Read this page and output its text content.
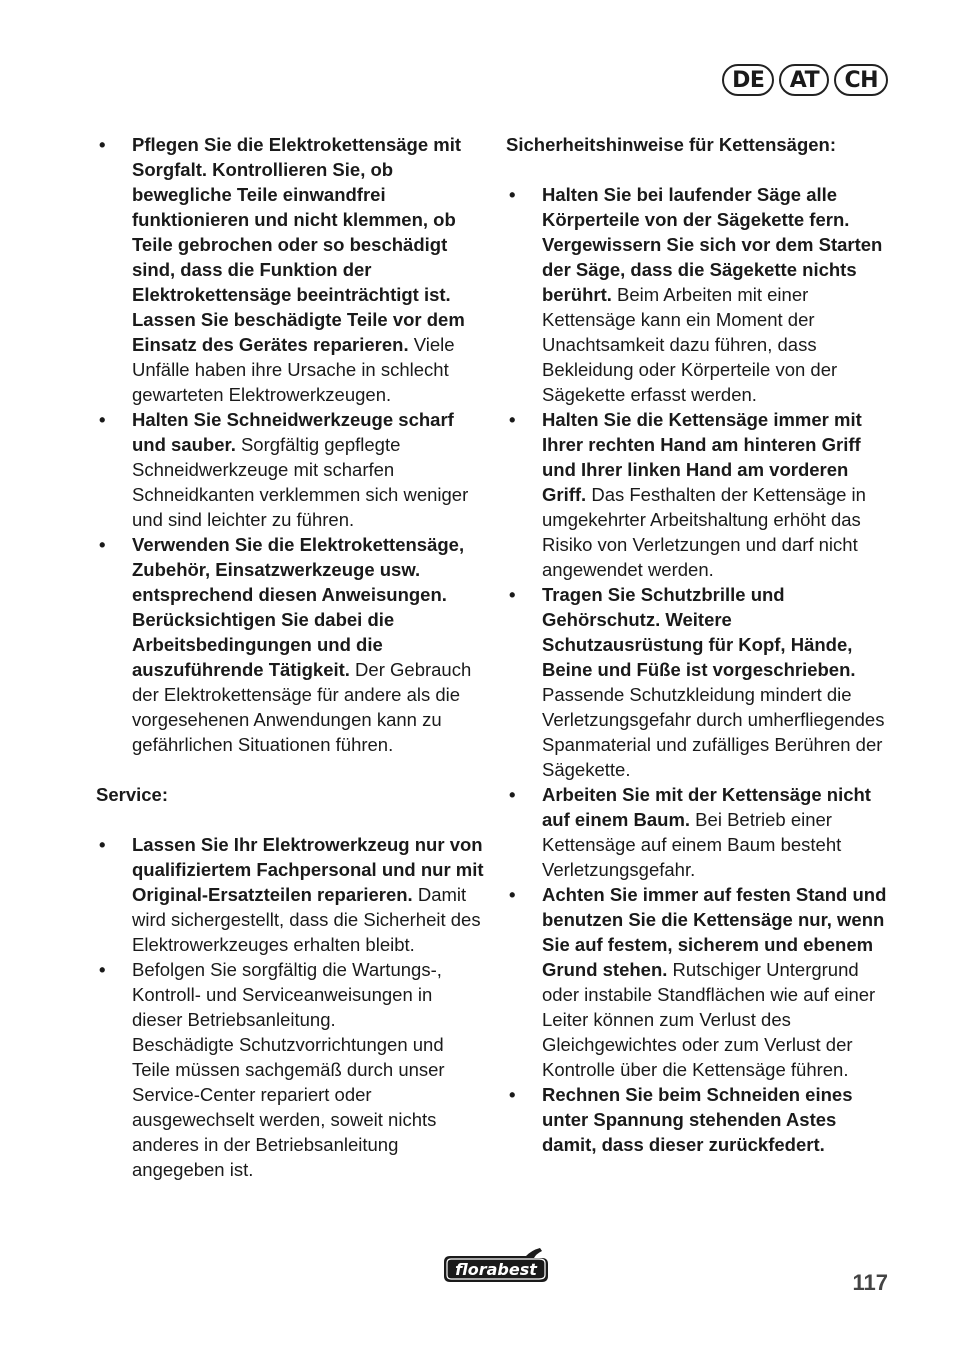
DE	AT	CH
• Pflegen Sie die Elektrokettensäge mit Sorgfalt. Kontrollieren Sie, ob bewegliche Teile einwandfrei funktionieren und nicht klemmen, ob Teile gebrochen oder so beschädigt sind, dass die Funktion der Elektrokettensäge beeinträchtigt ist. Lassen Sie beschädigte Teile vor dem Einsatz des Gerätes reparieren. Viele Unfälle haben ihre Ursache in schlecht gewarteten Elektrowerkzeugen.
• Halten Sie Schneidwerkzeuge scharf und sauber. Sorgfältig gepflegte Schneidwerkzeuge mit scharfen Schneidkanten verklemmen sich weniger und sind leichter zu führen.
• Verwenden Sie die Elektrokettensäge, Zubehör, Einsatzwerkzeuge usw. entsprechend diesen Anweisungen. Berücksichtigen Sie dabei die Arbeitsbedingungen und die auszuführende Tätigkeit. Der Gebrauch der Elektrokettensäge für andere als die vorgesehenen Anwendungen kann zu gefährlichen Situationen führen.
Service:
• Lassen Sie Ihr Elektrowerkzeug nur von qualifiziertem Fachpersonal und nur mit Original-Ersatzteilen reparieren. Damit wird sichergestellt, dass die Sicherheit des Elektrowerkzeuges erhalten bleibt.
• Befolgen Sie sorgfältig die Wartungs-, Kontroll- und Serviceanweisungen in dieser Betriebsanleitung.
Beschädigte Schutzvorrichtungen und Teile müssen sachgemäß durch unser Service-Center repariert oder ausgewechselt werden, soweit nichts anderes in der Betriebsanleitung angegeben ist.
Sicherheitshinweise für Kettensägen:
• Halten Sie bei laufender Säge alle Körperteile von der Sägekette fern. Vergewissern Sie sich vor dem Starten der Säge, dass die Sägekette nichts berührt. Beim Arbeiten mit einer Kettensäge kann ein Moment der Unachtsamkeit dazu führen, dass Bekleidung oder Körperteile von der Sägekette erfasst werden.
• Halten Sie die Kettensäge immer mit Ihrer rechten Hand am hinteren Griff und Ihrer linken Hand am vorderen Griff. Das Festhalten der Kettensäge in umgekehrter Arbeitshaltung erhöht das Risiko von Verletzungen und darf nicht angewendet werden.
• Tragen Sie Schutzbrille und Gehörschutz. Weitere Schutzausrüstung für Kopf, Hände, Beine und Füße ist vorgeschrieben. Passende Schutzkleidung mindert die Verletzungsgefahr durch umherfliegendes Spanmaterial und zufälliges Berühren der Sägekette.
• Arbeiten Sie mit der Kettensäge nicht auf einem Baum. Bei Betrieb einer Kettensäge auf einem Baum besteht Verletzungsgefahr.
• Achten Sie immer auf festen Stand und benutzen Sie die Kettensäge nur, wenn Sie auf festem, sicherem und ebenem Grund stehen. Rutschiger Untergrund oder instabile Standflächen wie auf einer Leiter können zum Verlust des Gleichgewichtes oder zum Verlust der Kontrolle über die Kettensäge führen.
• Rechnen Sie beim Schneiden eines unter Spannung stehenden Astes damit, dass dieser zurückfedert.
florabest
117
